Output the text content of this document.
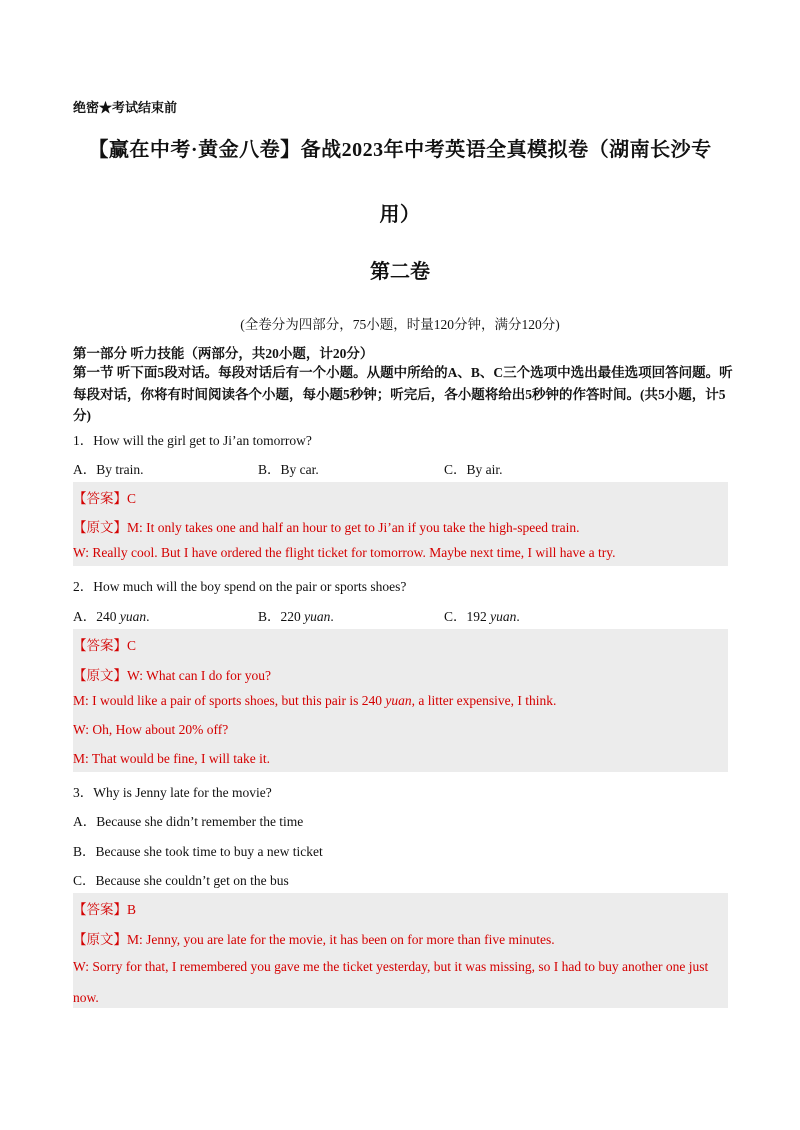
绝密★考试结束前
【赢在中考·黄金八卷】备战2023年中考英语全真模拟卷（湖南长沙专
用）
第二卷
(全卷分为四部分，75小题，时量120分钟，满分120分)
第一部分 听力技能（两部分，共20小题，计20分）
第一节 听下面5段对话。每段对话后有一个小题。从题中所给的A、B、C三个选项中选出最佳选项回答问题。听每段对话，你将有时间阅读各个小题，每小题5秒钟；听完后，各小题将给出5秒钟的作答时间。(共5小题，计5分)
1．How will the girl get to Ji’an tomorrow?
A．By train.	B．By car.	C．By air.
【答案】C
【原文】M: It only takes one and half an hour to get to Ji’an if you take the high-speed train.
W: Really cool. But I have ordered the flight ticket for tomorrow. Maybe next time, I will have a try.
2．How much will the boy spend on the pair or sports shoes?
A．240 yuan.	B．220 yuan.	C．192 yuan.
【答案】C
【原文】W: What can I do for you?
M: I would like a pair of sports shoes, but this pair is 240 yuan, a litter expensive, I think.
W: Oh, How about 20% off?
M: That would be fine, I will take it.
3．Why is Jenny late for the movie?
A．Because she didn’t remember the time
B．Because she took time to buy a new ticket
C．Because she couldn’t get on the bus
【答案】B
【原文】M: Jenny, you are late for the movie, it has been on for more than five minutes.
W: Sorry for that, I remembered you gave me the ticket yesterday, but it was missing, so I had to buy another one just now.
